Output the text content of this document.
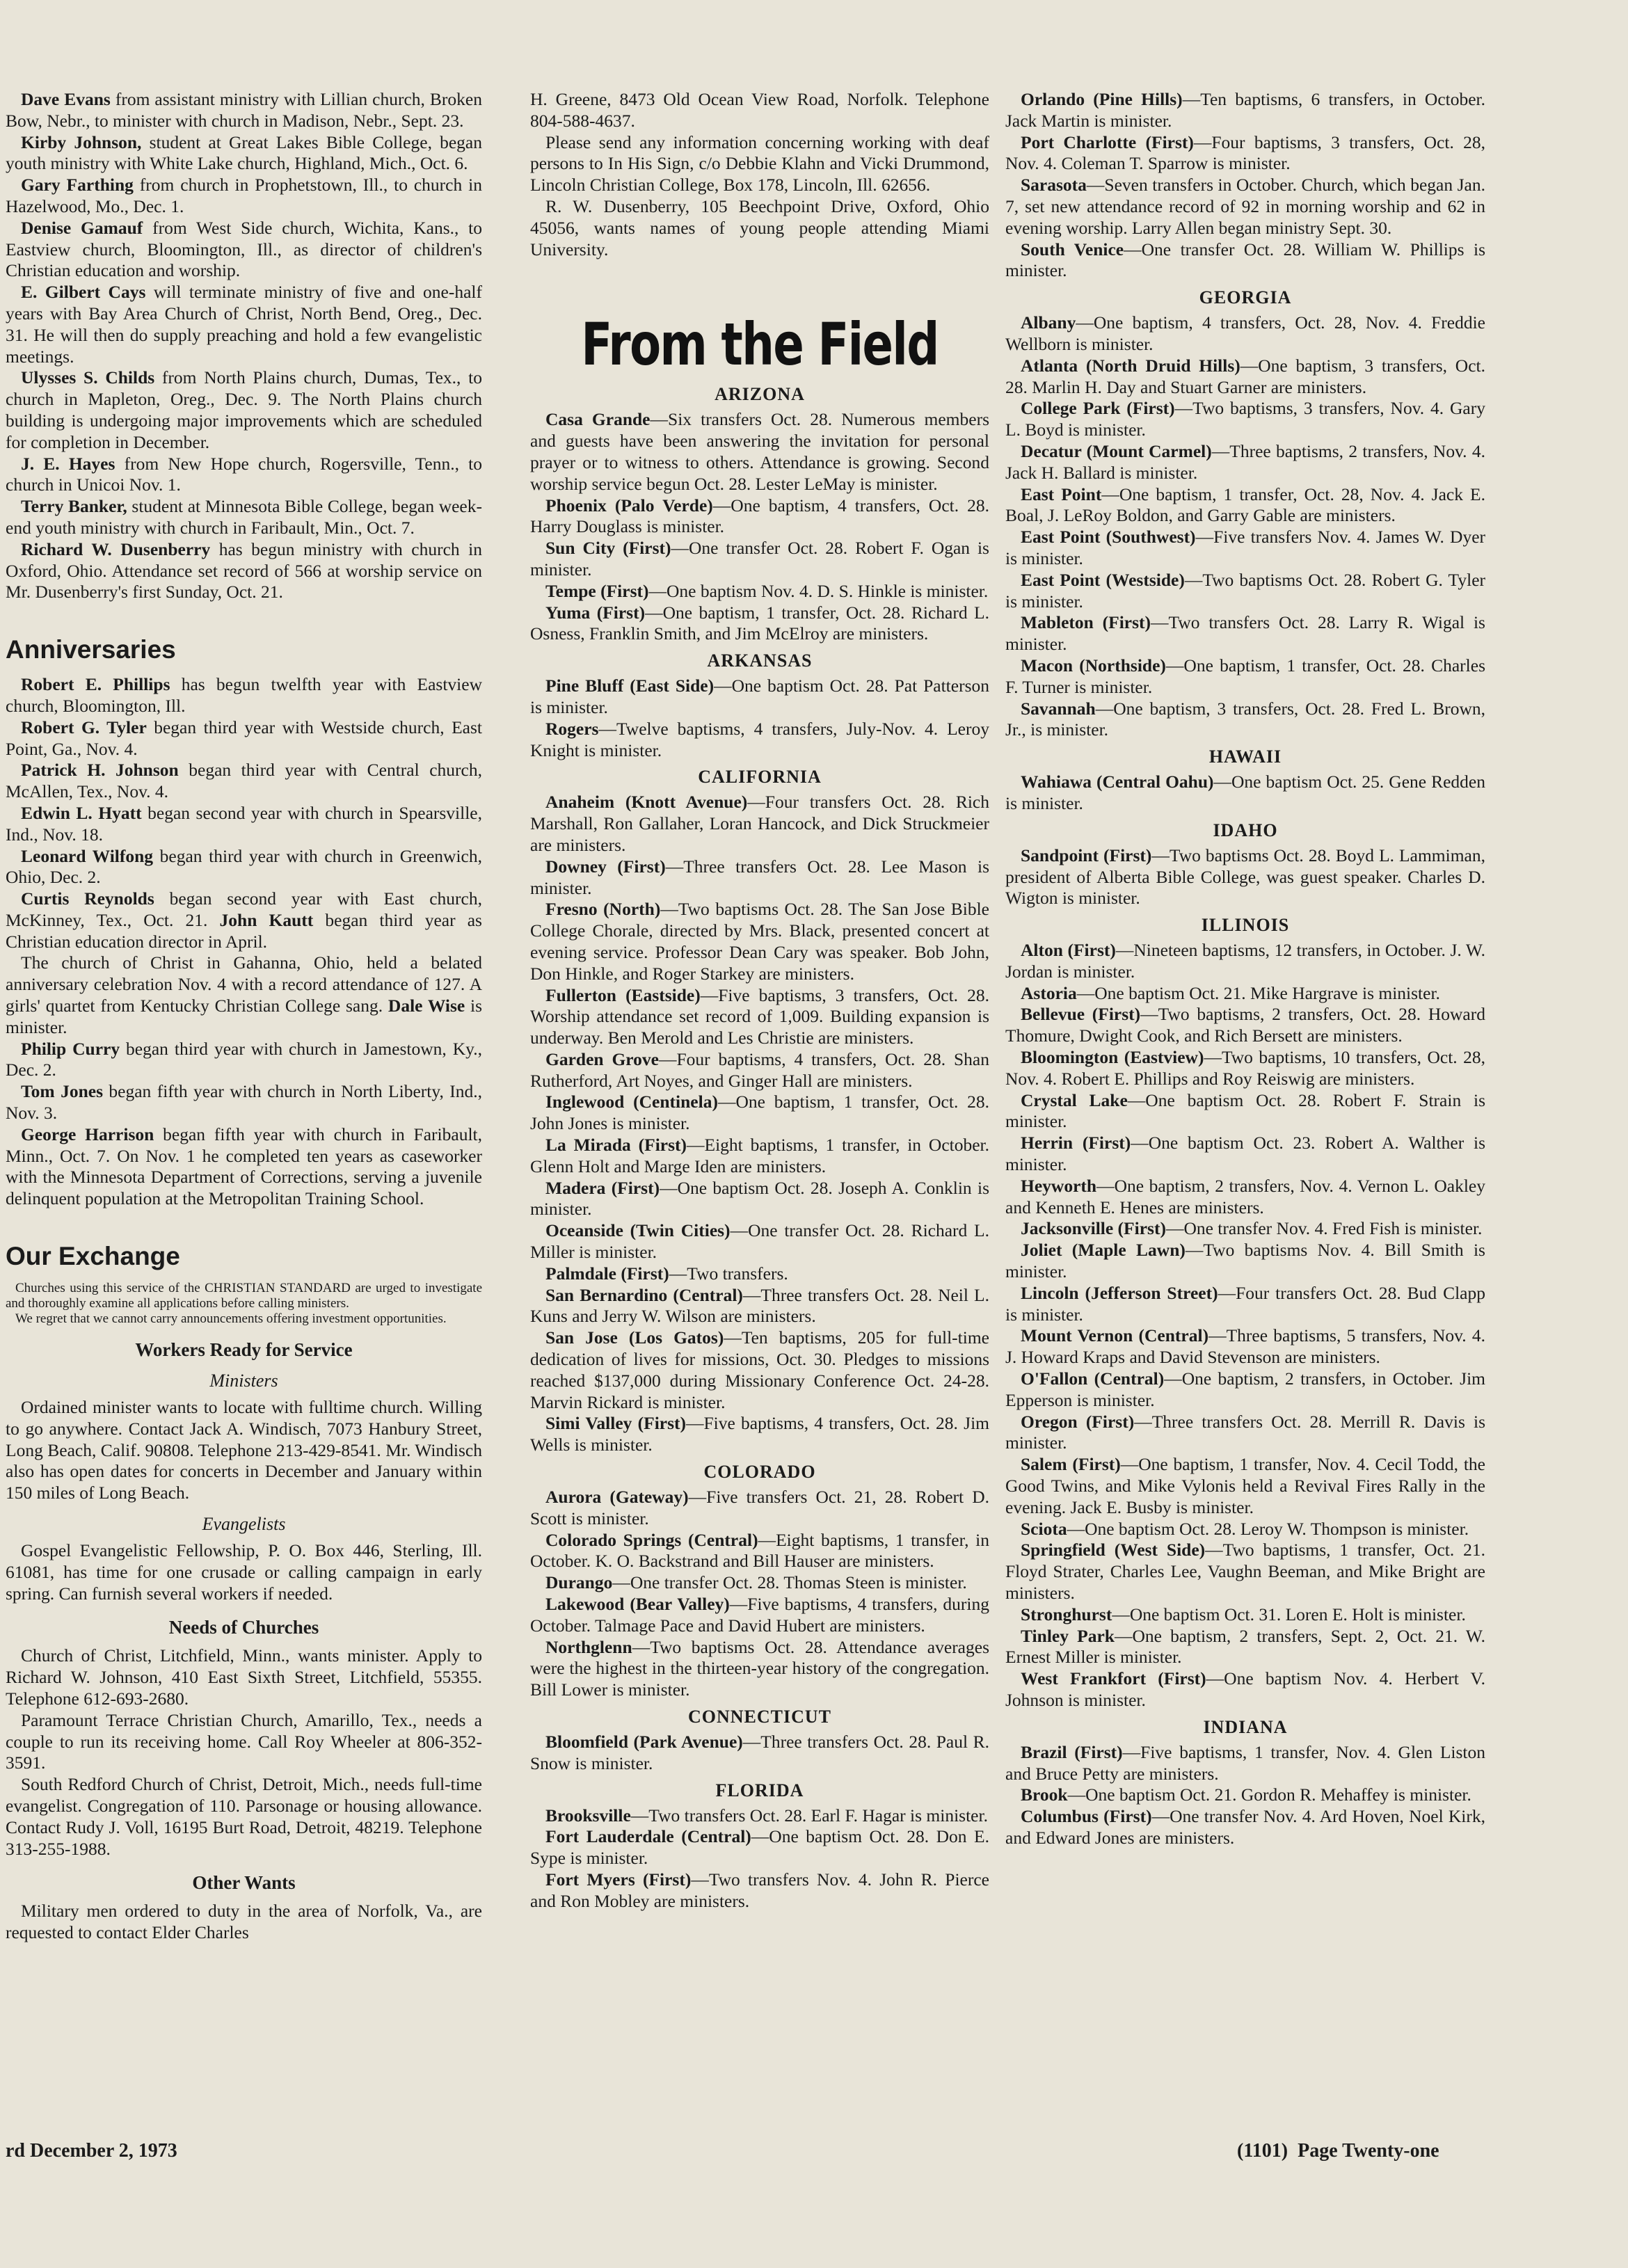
Dave Evans from assistant ministry with Lillian church, Broken Bow, Nebr., to minister with church in Madison, Nebr., Sept. 23.

Kirby Johnson, student at Great Lakes Bible College, began youth ministry with White Lake church, Highland, Mich., Oct. 6.

Gary Farthing from church in Prophetstown, Ill., to church in Hazelwood, Mo., Dec. 1.

Denise Gamauf from West Side church, Wichita, Kans., to Eastview church, Bloomington, Ill., as director of children's Christian education and worship.

E. Gilbert Cays will terminate ministry of five and one-half years with Bay Area Church of Christ, North Bend, Oreg., Dec. 31. He will then do supply preaching and hold a few evangelistic meetings.

Ulysses S. Childs from North Plains church, Dumas, Tex., to church in Mapleton, Oreg., Dec. 9. The North Plains church building is undergoing major improvements which are scheduled for completion in December.

J. E. Hayes from New Hope church, Rogersville, Tenn., to church in Unicoi Nov. 1.

Terry Banker, student at Minnesota Bible College, began week-end youth ministry with church in Faribault, Min., Oct. 7.

Richard W. Dusenberry has begun ministry with church in Oxford, Ohio. Attendance set record of 566 at worship service on Mr. Dusenberry's first Sunday, Oct. 21.

Anniversaries

Robert E. Phillips has begun twelfth year with Eastview church, Bloomington, Ill.

Robert G. Tyler began third year with Westside church, East Point, Ga., Nov. 4.

Patrick H. Johnson began third year with Central church, McAllen, Tex., Nov. 4.

Edwin L. Hyatt began second year with church in Spearsville, Ind., Nov. 18.

Leonard Wilfong began third year with church in Greenwich, Ohio, Dec. 2.

Curtis Reynolds began second year with East church, McKinney, Tex., Oct. 21. John Kautt began third year as Christian education director in April.

The church of Christ in Gahanna, Ohio, held a belated anniversary celebration Nov. 4 with a record attendance of 127. A girls' quartet from Kentucky Christian College sang. Dale Wise is minister.

Philip Curry began third year with church in Jamestown, Ky., Dec. 2.

Tom Jones began fifth year with church in North Liberty, Ind., Nov. 3.

George Harrison began fifth year with church in Faribault, Minn., Oct. 7. On Nov. 1 he completed ten years as caseworker with the Minnesota Department of Corrections, serving a juvenile delinquent population at the Metropolitan Training School.

Our Exchange

Churches using this service of the CHRISTIAN STANDARD are urged to investigate and thoroughly examine all applications before calling ministers.

We regret that we cannot carry announcements offering investment opportunities.

Workers Ready for Service
Ministers

Ordained minister wants to locate with fulltime church. Willing to go anywhere. Contact Jack A. Windisch, 7073 Hanbury Street, Long Beach, Calif. 90808. Telephone 213-429-8541. Mr. Windisch also has open dates for concerts in December and January within 150 miles of Long Beach.

Evangelists

Gospel Evangelistic Fellowship, P. O. Box 446, Sterling, Ill. 61081, has time for one crusade or calling campaign in early spring. Can furnish several workers if needed.

Needs of Churches

Church of Christ, Litchfield, Minn., wants minister. Apply to Richard W. Johnson, 410 East Sixth Street, Litchfield, 55355. Telephone 612-693-2680.

Paramount Terrace Christian Church, Amarillo, Tex., needs a couple to run its receiving home. Call Roy Wheeler at 806-352-3591.

South Redford Church of Christ, Detroit, Mich., needs full-time evangelist. Congregation of 110. Parsonage or housing allowance. Contact Rudy J. Voll, 16195 Burt Road, Detroit, 48219. Telephone 313-255-1988.

Other Wants

Military men ordered to duty in the area of Norfolk, Va., are requested to contact Elder Charles

H. Greene, 8473 Old Ocean View Road, Norfolk. Telephone 804-588-4637.

Please send any information concerning working with deaf persons to In His Sign, c/o Debbie Klahn and Vicki Drummond, Lincoln Christian College, Box 178, Lincoln, Ill. 62656.

R. W. Dusenberry, 105 Beechpoint Drive, Oxford, Ohio 45056, wants names of young people attending Miami University.

From the Field
ARIZONA

Casa Grande—Six transfers Oct. 28. Numerous members and guests have been answering the invitation for personal prayer or to witness to others. Attendance is growing. Second worship service begun Oct. 28. Lester LeMay is minister.

Phoenix (Palo Verde)—One baptism, 4 transfers, Oct. 28. Harry Douglass is minister.

Sun City (First)—One transfer Oct. 28. Robert F. Ogan is minister.

Tempe (First)—One baptism Nov. 4. D. S. Hinkle is minister.

Yuma (First)—One baptism, 1 transfer, Oct. 28. Richard L. Osness, Franklin Smith, and Jim McElroy are ministers.

ARKANSAS

Pine Bluff (East Side)—One baptism Oct. 28. Pat Patterson is minister.

Rogers—Twelve baptisms, 4 transfers, July-Nov. 4. Leroy Knight is minister.

CALIFORNIA

Anaheim (Knott Avenue)—Four transfers Oct. 28. Rich Marshall, Ron Gallaher, Loran Hancock, and Dick Struckmeier are ministers.

Downey (First)—Three transfers Oct. 28. Lee Mason is minister.

Fresno (North)—Two baptisms Oct. 28. The San Jose Bible College Chorale, directed by Mrs. Black, presented concert at evening service. Professor Dean Cary was speaker. Bob John, Don Hinkle, and Roger Starkey are ministers.

Fullerton (Eastside)—Five baptisms, 3 transfers, Oct. 28. Worship attendance set record of 1,009. Building expansion is underway. Ben Merold and Les Christie are ministers.

Garden Grove—Four baptisms, 4 transfers, Oct. 28. Shan Rutherford, Art Noyes, and Ginger Hall are ministers.

Inglewood (Centinela)—One baptism, 1 transfer, Oct. 28. John Jones is minister.

La Mirada (First)—Eight baptisms, 1 transfer, in October. Glenn Holt and Marge Iden are ministers.

Madera (First)—One baptism Oct. 28. Joseph A. Conklin is minister.

Oceanside (Twin Cities)—One transfer Oct. 28. Richard L. Miller is minister.

Palmdale (First)—Two transfers.

San Bernardino (Central)—Three transfers Oct. 28. Neil L. Kuns and Jerry W. Wilson are ministers.

San Jose (Los Gatos)—Ten baptisms, 205 for full-time dedication of lives for missions, Oct. 30. Pledges to missions reached $137,000 during Missionary Conference Oct. 24-28. Marvin Rickard is minister.

Simi Valley (First)—Five baptisms, 4 transfers, Oct. 28. Jim Wells is minister.

COLORADO

Aurora (Gateway)—Five transfers Oct. 21, 28. Robert D. Scott is minister.

Colorado Springs (Central)—Eight baptisms, 1 transfer, in October. K. O. Backstrand and Bill Hauser are ministers.

Durango—One transfer Oct. 28. Thomas Steen is minister.

Lakewood (Bear Valley)—Five baptisms, 4 transfers, during October. Talmage Pace and David Hubert are ministers.

Northglenn—Two baptisms Oct. 28. Attendance averages were the highest in the thirteen-year history of the congregation. Bill Lower is minister.

CONNECTICUT

Bloomfield (Park Avenue)—Three transfers Oct. 28. Paul R. Snow is minister.

FLORIDA

Brooksville—Two transfers Oct. 28. Earl F. Hagar is minister.

Fort Lauderdale (Central)—One baptism Oct. 28. Don E. Sype is minister.

Fort Myers (First)—Two transfers Nov. 4. John R. Pierce and Ron Mobley are ministers.

Orlando (Pine Hills)—Ten baptisms, 6 transfers, in October. Jack Martin is minister.

Port Charlotte (First)—Four baptisms, 3 transfers, Oct. 28, Nov. 4. Coleman T. Sparrow is minister.

Sarasota—Seven transfers in October. Church, which began Jan. 7, set new attendance record of 92 in morning worship and 62 in evening worship. Larry Allen began ministry Sept. 30.

South Venice—One transfer Oct. 28. William W. Phillips is minister.

GEORGIA

Albany—One baptism, 4 transfers, Oct. 28, Nov. 4. Freddie Wellborn is minister.

Atlanta (North Druid Hills)—One baptism, 3 transfers, Oct. 28. Marlin H. Day and Stuart Garner are ministers.

College Park (First)—Two baptisms, 3 transfers, Nov. 4. Gary L. Boyd is minister.

Decatur (Mount Carmel)—Three baptisms, 2 transfers, Nov. 4. Jack H. Ballard is minister.

East Point—One baptism, 1 transfer, Oct. 28, Nov. 4. Jack E. Boal, J. LeRoy Boldon, and Garry Gable are ministers.

East Point (Southwest)—Five transfers Nov. 4. James W. Dyer is minister.

East Point (Westside)—Two baptisms Oct. 28. Robert G. Tyler is minister.

Mableton (First)—Two transfers Oct. 28. Larry R. Wigal is minister.

Macon (Northside)—One baptism, 1 transfer, Oct. 28. Charles F. Turner is minister.

Savannah—One baptism, 3 transfers, Oct. 28. Fred L. Brown, Jr., is minister.

HAWAII

Wahiawa (Central Oahu)—One baptism Oct. 25. Gene Redden is minister.

IDAHO

Sandpoint (First)—Two baptisms Oct. 28. Boyd L. Lammiman, president of Alberta Bible College, was guest speaker. Charles D. Wigton is minister.

ILLINOIS

Alton (First)—Nineteen baptisms, 12 transfers, in October. J. W. Jordan is minister.

Astoria—One baptism Oct. 21. Mike Hargrave is minister.

Bellevue (First)—Two baptisms, 2 transfers, Oct. 28. Howard Thomure, Dwight Cook, and Rich Bersett are ministers.

Bloomington (Eastview)—Two baptisms, 10 transfers, Oct. 28, Nov. 4. Robert E. Phillips and Roy Reiswig are ministers.

Crystal Lake—One baptism Oct. 28. Robert F. Strain is minister.

Herrin (First)—One baptism Oct. 23. Robert A. Walther is minister.

Heyworth—One baptism, 2 transfers, Nov. 4. Vernon L. Oakley and Kenneth E. Henes are ministers.

Jacksonville (First)—One transfer Nov. 4. Fred Fish is minister.

Joliet (Maple Lawn)—Two baptisms Nov. 4. Bill Smith is minister.

Lincoln (Jefferson Street)—Four transfers Oct. 28. Bud Clapp is minister.

Mount Vernon (Central)—Three baptisms, 5 transfers, Nov. 4. J. Howard Kraps and David Stevenson are ministers.

O'Fallon (Central)—One baptism, 2 transfers, in October. Jim Epperson is minister.

Oregon (First)—Three transfers Oct. 28. Merrill R. Davis is minister.

Salem (First)—One baptism, 1 transfer, Nov. 4. Cecil Todd, the Good Twins, and Mike Vylonis held a Revival Fires Rally in the evening. Jack E. Busby is minister.

Sciota—One baptism Oct. 28. Leroy W. Thompson is minister.

Springfield (West Side)—Two baptisms, 1 transfer, Oct. 21. Floyd Strater, Charles Lee, Vaughn Beeman, and Mike Bright are ministers.

Stronghurst—One baptism Oct. 31. Loren E. Holt is minister.

Tinley Park—One baptism, 2 transfers, Sept. 2, Oct. 21. W. Ernest Miller is minister.

West Frankfort (First)—One baptism Nov. 4. Herbert V. Johnson is minister.

INDIANA

Brazil (First)—Five baptisms, 1 transfer, Nov. 4. Glen Liston and Bruce Petty are ministers.

Brook—One baptism Oct. 21. Gordon R. Mehaffey is minister.

Columbus (First)—One transfer Nov. 4. Ard Hoven, Noel Kirk, and Edward Jones are ministers.

rd December 2, 1973	(1101)  Page Twenty-one
